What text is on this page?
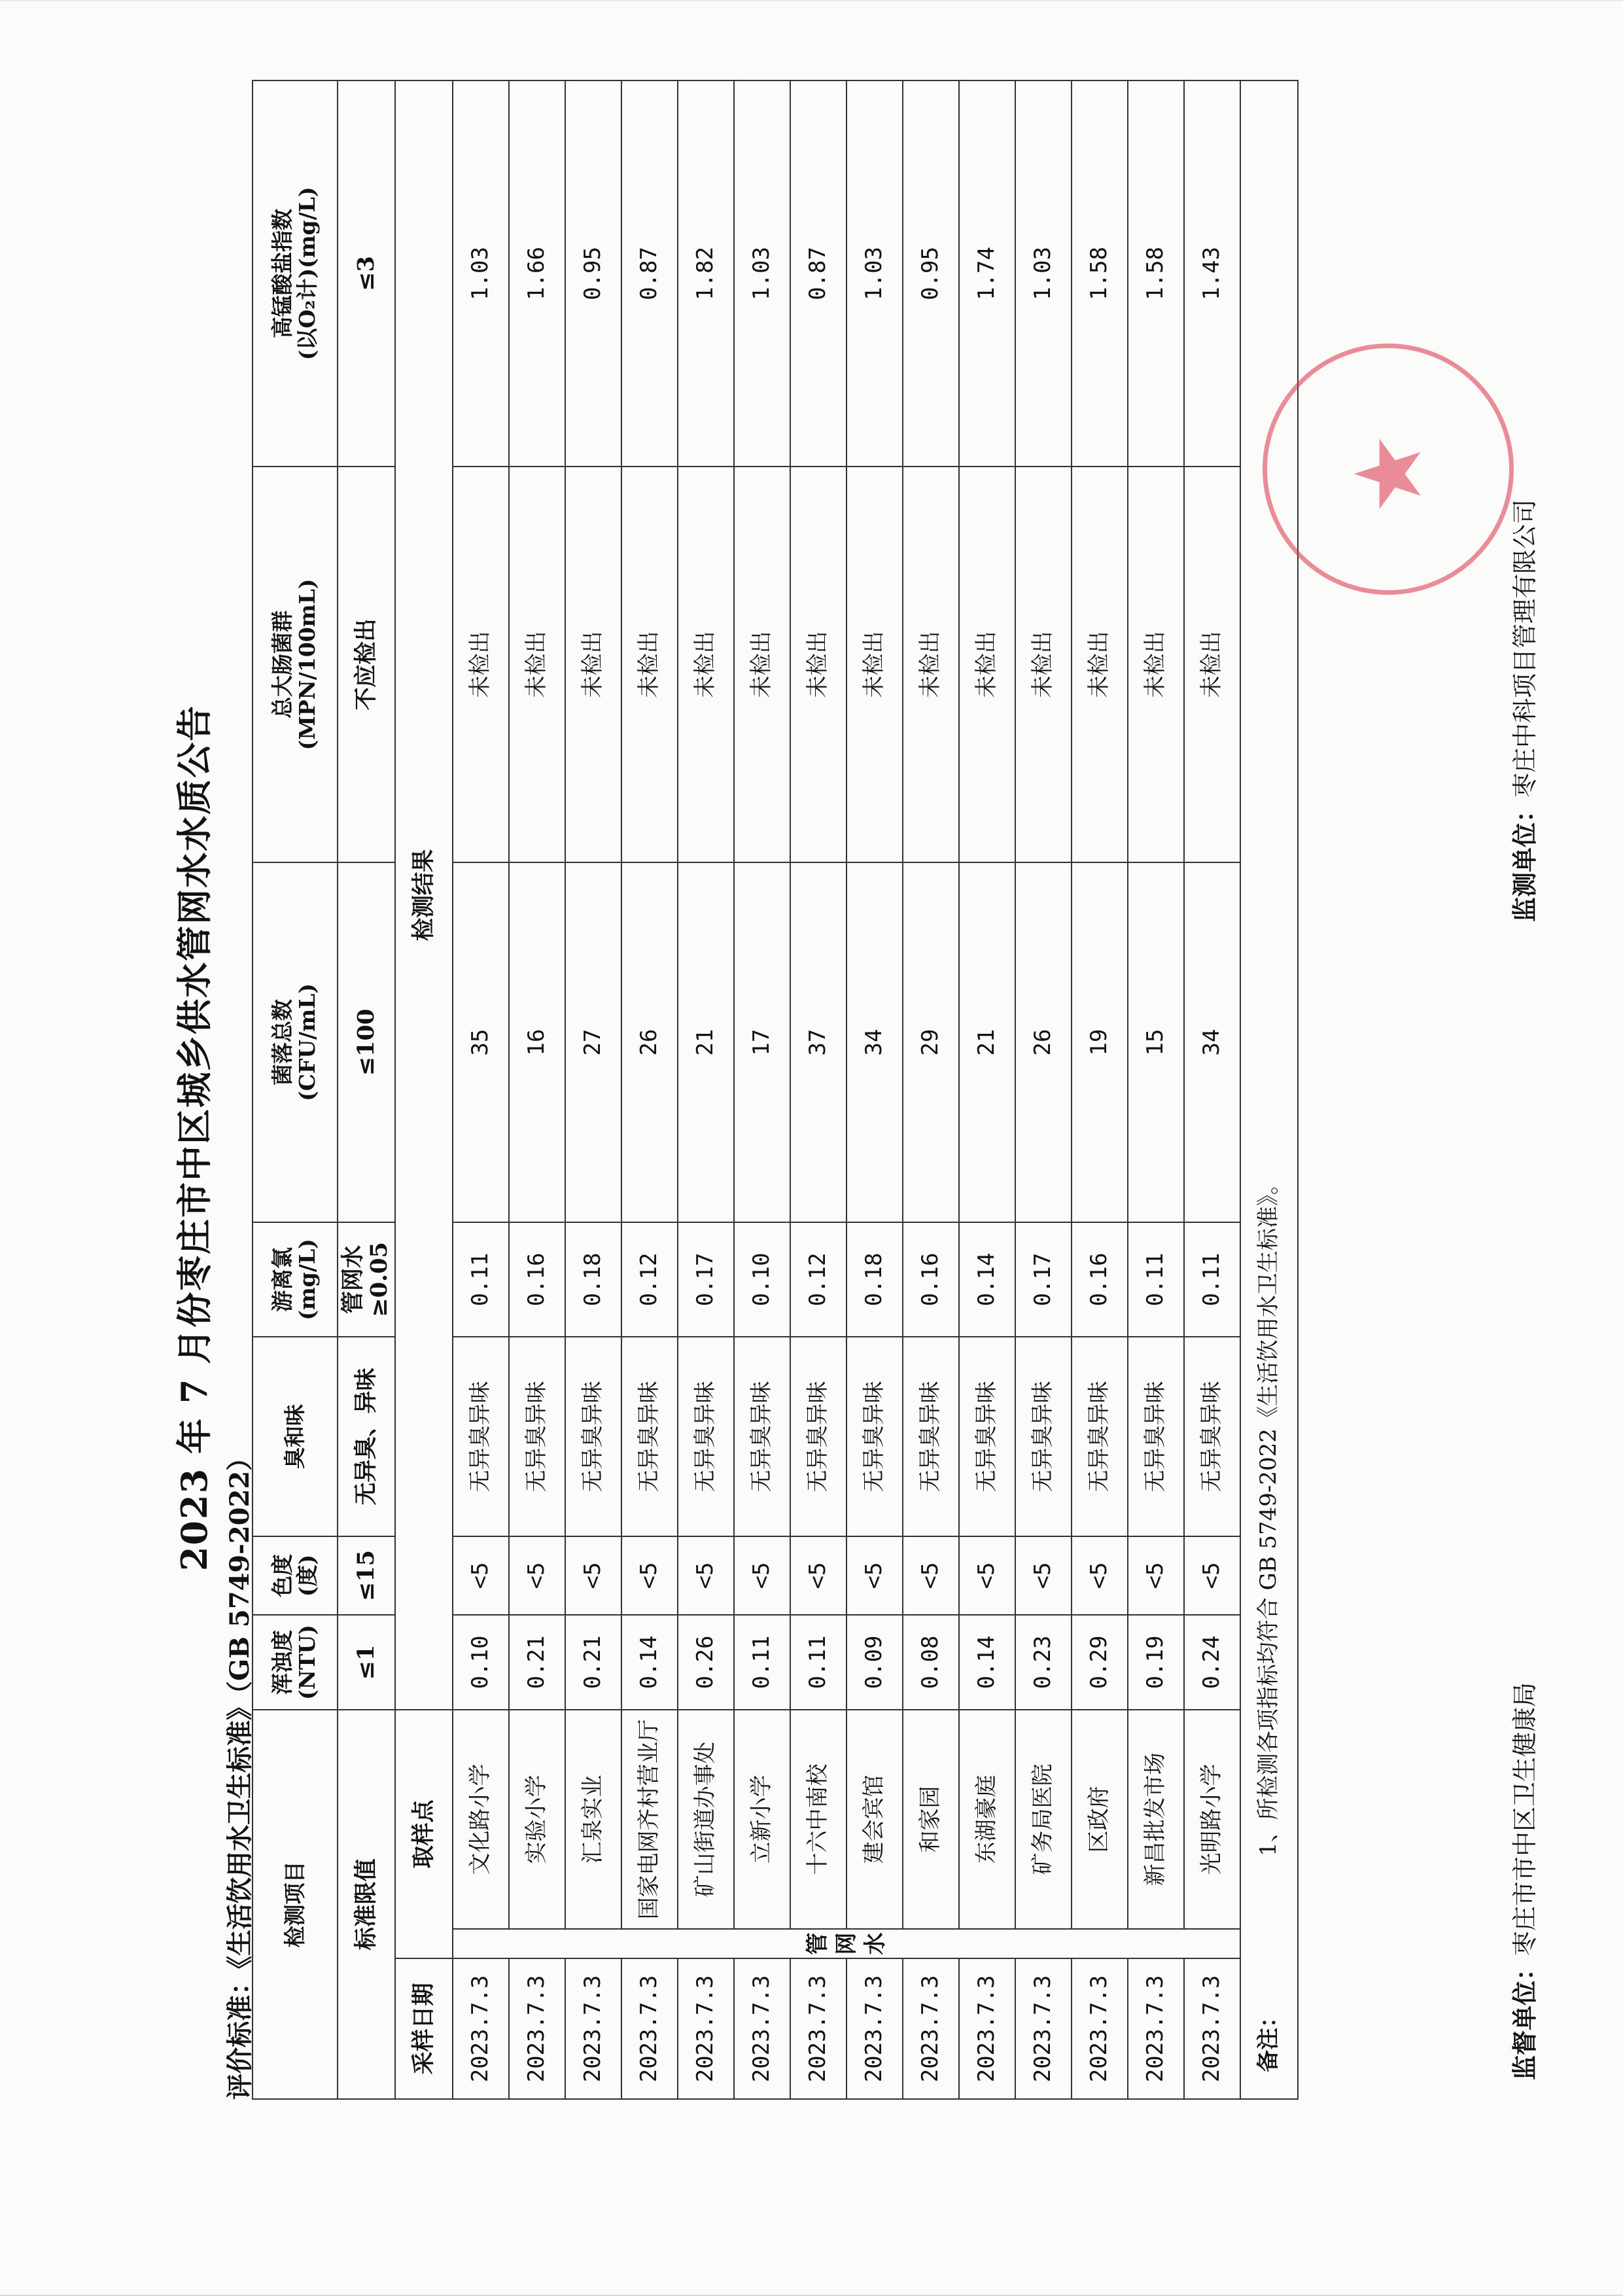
2023 年 7 月份枣庄市中区城乡供水管网水水质公告
评价标准：《生活饮用水卫生标准》（GB 5749-2022） 检测项目			浑浊度
(NTU)	色度
(度)	臭和味	游离氯
(mg/L)	菌落总数
(CFU/mL)	总大肠菌群
(MPN/100mL)	高锰酸盐指数
(以O₂计)(mg/L)
标准限值			≤1	≤15	无异臭、异味	管网水≥0.05	≤100	不应检出	≤3
采样日期	取样点		检测结果						
2023.7.3	管 网 水	文化路小学	0.10	<5	无异臭异味	0.11	35	未检出	1.03
2023.7.3		实验小学	0.21	<5	无异臭异味	0.16	16	未检出	1.66
2023.7.3		汇泉实业	0.21	<5	无异臭异味	0.18	27	未检出	0.95
2023.7.3		国家电网齐村营业厅	0.14	<5	无异臭异味	0.12	26	未检出	0.87
2023.7.3		矿山街道办事处	0.26	<5	无异臭异味	0.17	21	未检出	1.82
2023.7.3		立新小学	0.11	<5	无异臭异味	0.10	17	未检出	1.03
2023.7.3		十六中南校	0.11	<5	无异臭异味	0.12	37	未检出	0.87
2023.7.3		建会宾馆	0.09	<5	无异臭异味	0.18	34	未检出	1.03
2023.7.3		和家园	0.08	<5	无异臭异味	0.16	29	未检出	0.95
2023.7.3		东湖豪庭	0.14	<5	无异臭异味	0.14	21	未检出	1.74
2023.7.3		矿务局医院	0.23	<5	无异臭异味	0.17	26	未检出	1.03
2023.7.3		区政府	0.29	<5	无异臭异味	0.16	19	未检出	1.58
2023.7.3		新昌批发市场	0.19	<5	无异臭异味	0.11	15	未检出	1.58
2023.7.3		光明路小学	0.24	<5	无异臭异味	0.11	34	未检出	1.43
备注：1、所检测各项指标均符合 GB 5749-2022《生活饮用水卫生标准》。									
监督单位：枣庄市市中区卫生健康局
监测单位：枣庄中科项目管理有限公司
★
